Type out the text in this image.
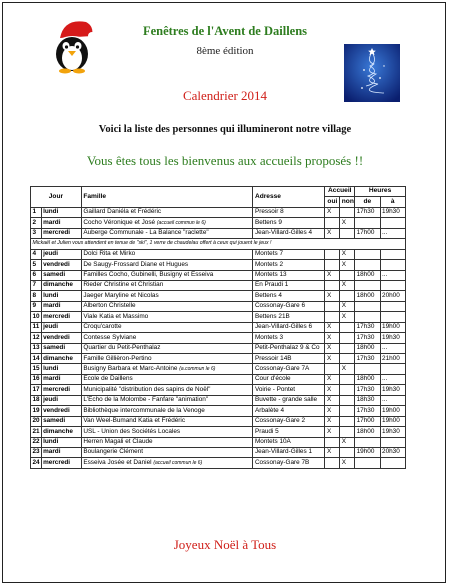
Fenêtres de l'Avent de Daillens
8ème édition
Calendrier 2014
Voici la liste des personnes qui illumineront notre village
Vous êtes tous les bienvenus aux accueils proposés !!
Jour		Famille	Adresse	Accueil		Heures	
				oui	non	de	à
1	lundi	Gaillard Daniéla et Frédéric	Pressoir 8	X		17h30	19h30
2	mardi	Cocho Véronique et José (accueil commun le 6)	Bettens 9		X		
3	mercredi	Auberge Communale - La Balance "raclette"	Jean-Villard-Gilles 4	X		17h00	...
Mickaël et Julien vous attendent en tenue de "ski", 1 verre de chaudelau offert à ceux qui jouent le jeux !							
4	jeudi	Dolci Rita et Mirko	Montets 7		X		
5	vendredi	De Saugy-Frossard Diane et Hugues	Montets 2		X		
6	samedi	Familles Cocho, Gubinelli, Busigny et Esseiva	Montets 13	X		18h00	...
7	dimanche	Rieder Christine et Christian	En Praudi 1		X		
8	lundi	Jaeger Maryline et Nicolas	Bettens 4	X		18h00	20h00
9	mardi	Alberton Christelle	Cossonay-Gare 6		X		
10	mercredi	Viale Katia et Massimo	Bettens 21B		X		
11	jeudi	Croqu'carotte	Jean-Villard-Gilles 6	X		17h30	19h00
12	vendredi	Contesse Sylviane	Montets 3	X		17h30	19h30
13	samedi	Quartier du Petit-Penthalaz	Petit-Penthalaz 9 & Co	X		18h00	...
14	dimanche	Famille Gillièron-Pertino	Pressoir 14B	X		17h30	21h00
15	lundi	Busigny Barbara et Marc-Antoine (a.commun le 6)	Cossonay-Gare 7A		X		
16	mardi	Ecole de Daillens	Cour d'école	X		18h00	...
17	mercredi	Municipalité "distribution des sapins de Noël"	Voirie - Pontet	X		17h30	19h30
18	jeudi	L'Echo de la Molombe - Fanfare "animation"	Buvette - grande salle	X		18h30	...
19	vendredi	Bibliothèque intercommunale de la Venoge	Arbalète 4	X		17h30	19h00
20	samedi	Van Weel-Bumand Katia et Frédéric	Cossonay-Gare 2	X		17h00	19h00
21	dimanche	USL - Union des Sociétés Locales	Praudi 5	X		18h00	19h30
22	lundi	Herren Magali et Claude	Montets 10A		X		
23	mardi	Boulangerie Clément	Jean-Villard-Gilles 1	X		19h00	20h30
24	mercredi	Esseiva Josée et Daniel (accueil commun le 6)	Cossonay-Gare 7B		X		
Joyeux Noël à Tous
